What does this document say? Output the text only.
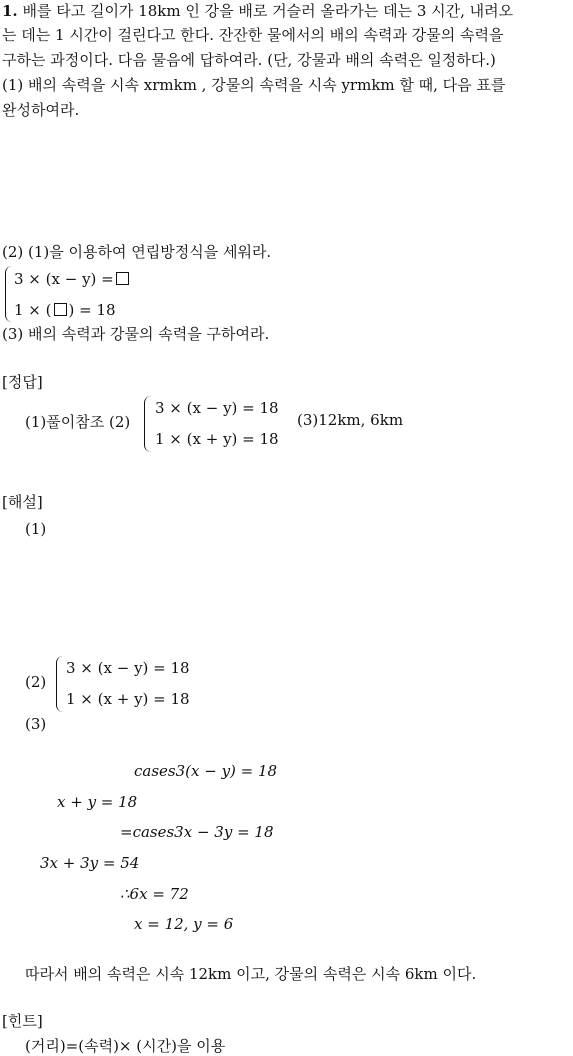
1. 배를 타고 길이가 18km 인 강을 배로 거슬러 올라가는 데는 3 시간, 내려오
는 데는 1 시간이 걸린다고 한다. 잔잔한 물에서의 배의 속력과 강물의 속력을
구하는 과정이다. 다음 물음에 답하여라. (단, 강물과 배의 속력은 일정하다.)
(1) 배의 속력을 시속 xrmkm , 강물의 속력을 시속 yrmkm 할 때, 다음 표를
완성하여라.
(2) (1)을 이용하여 연립방정식을 세워라.
3 × (x − y) =
1 × ( ) = 18
(3) 배의 속력과 강물의 속력을 구하여라.
[정답]
(1)풀이참조 (2)
3 × (x − y) = 18
1 × (x + y) = 18
(3)12km, 6km
[해설]
(1)
(2)
3 × (x − y) = 18
1 × (x + y) = 18
(3)
cases3(x − y) = 18
x + y = 18
=cases3x − 3y = 18
3x + 3y = 54
∴6x = 72
x = 12, y = 6
따라서 배의 속력은 시속 12km 이고, 강물의 속력은 시속 6km 이다.
[힌트]
(거리)=(속력)× (시간)을 이용
